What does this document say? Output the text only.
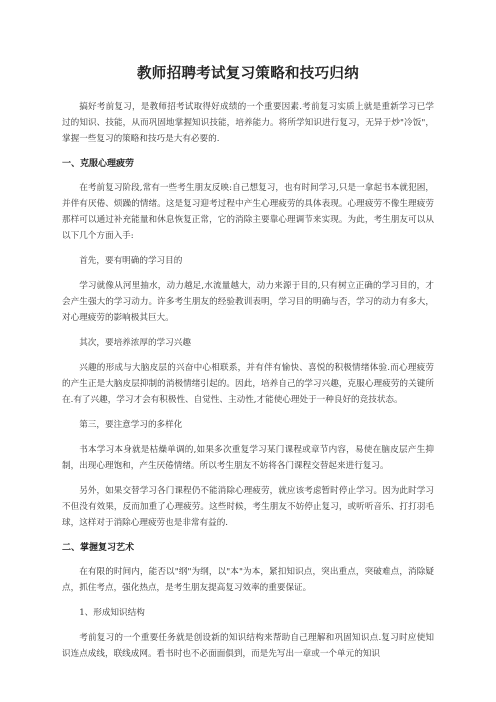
教师招聘考试复习策略和技巧归纳

搞好考前复习，是教师招考试取得好成绩的一个重要因素.考前复习实质上就是重新学习已学过的知识、技能，从而巩固地掌握知识技能，培养能力。将所学知识进行复习，无异于炒"冷饭"，掌握一些复习的策略和技巧是大有必要的.

一、克服心理疲劳

在考前复习阶段,常有一些考生朋友反映:自己想复习，也有时间学习,只是一拿起书本就犯困，并伴有厌倦、烦躁的情绪。这是复习迎考过程中产生心理疲劳的具体表现。心理疲劳不像生理疲劳那样可以通过补充能量和休息恢复正常，它的消除主要靠心理调节来实现。为此，考生朋友可以从以下几个方面入手:

首先，要有明确的学习目的

学习就像从河里抽水，动力越足,水流量越大，动力来源于目的,只有树立正确的学习目的，才会产生强大的学习动力。许多考生朋友的经验教训表明，学习目的明确与否，学习的动力有多大，对心理疲劳的影响极其巨大。

其次，要培养浓厚的学习兴趣

兴趣的形成与大脑皮层的兴奋中心相联系，并有伴有愉快、喜悦的积极情绪体验.而心理疲劳的产生正是大脑皮层抑制的消极情绪引起的。因此，培养自己的学习兴趣，克服心理疲劳的关键所在.有了兴趣，学习才会有积极性、自觉性、主动性,才能使心理处于一种良好的竞技状态。

第三，要注意学习的多样化

书本学习本身就是枯燥单调的,如果多次重复学习某门课程或章节内容，易使在脑皮层产生抑制，出现心理饱和，产生厌倦情绪。所以考生朋友不妨将各门课程交替起来进行复习。

另外，如果交替学习各门课程仍不能消除心理疲劳，就应该考虑暂时停止学习。因为此时学习不但没有效果，反而加重了心理疲劳。这些时候，考生朋友不妨停止复习，或听听音乐、打打羽毛球，这样对于消除心理疲劳也是非常有益的.

二、掌握复习艺术

在有限的时间内，能否以"纲"为纲，以"本"为本，紧扣知识点，突出重点，突破难点，消除疑点，抓住考点，强化热点，是考生朋友提高复习效率的重要保证。

1、形成知识结构

考前复习的一个重要任务就是创设新的知识结构来帮助自己理解和巩固知识点.复习时应使知识连点成线，联线成网。看书时也不必面面俱到，而是先写出一章或一个单元的知识
